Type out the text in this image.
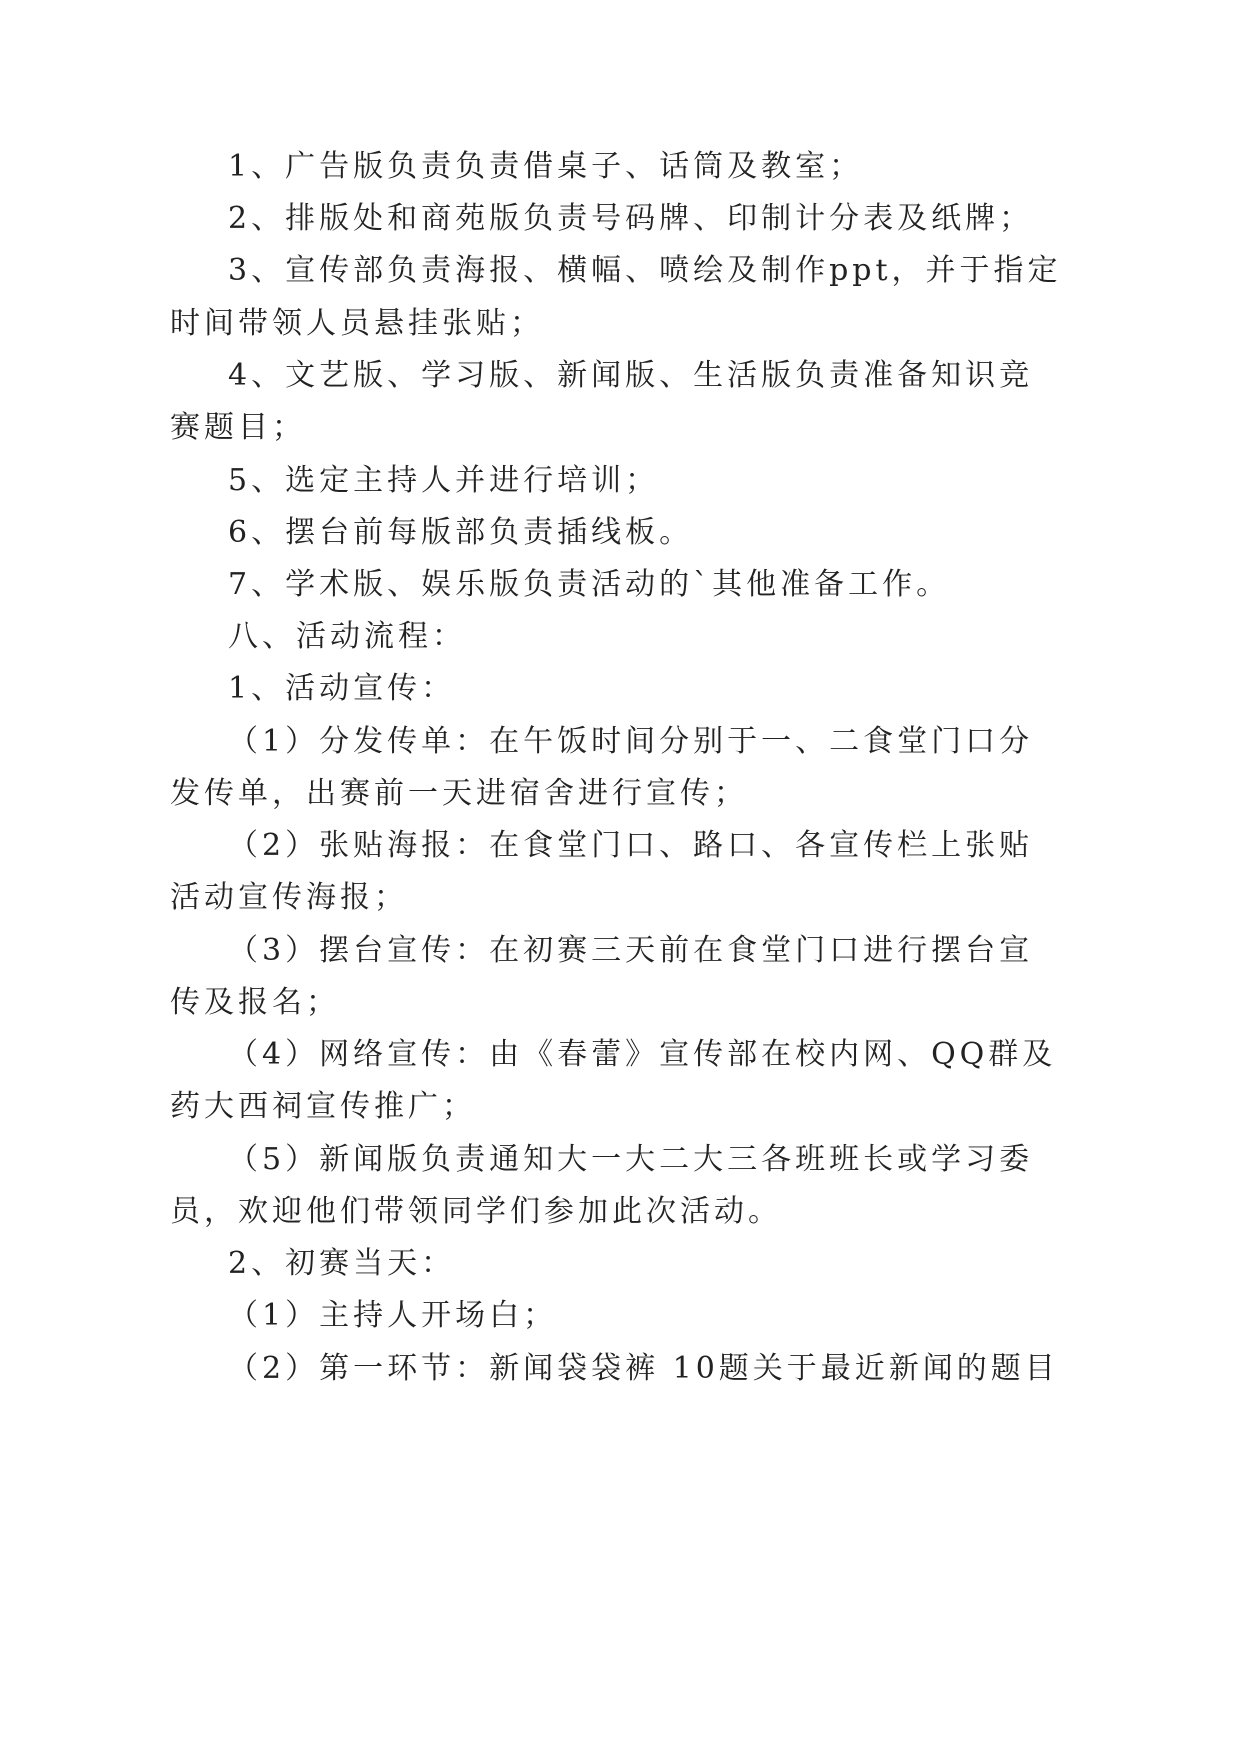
1、广告版负责负责借桌子、话筒及教室；
2、排版处和商苑版负责号码牌、印制计分表及纸牌；
3、宣传部负责海报、横幅、喷绘及制作ppt，并于指定
时间带领人员悬挂张贴；
4、文艺版、学习版、新闻版、生活版负责准备知识竞
赛题目；
5、选定主持人并进行培训；
6、摆台前每版部负责插线板。
7、学术版、娱乐版负责活动的`其他准备工作。
八、活动流程：
1、活动宣传：
（1）分发传单：在午饭时间分别于一、二食堂门口分
发传单，出赛前一天进宿舍进行宣传；
（2）张贴海报：在食堂门口、路口、各宣传栏上张贴
活动宣传海报；
（3）摆台宣传：在初赛三天前在食堂门口进行摆台宣
传及报名；
（4）网络宣传：由《春蕾》宣传部在校内网、QQ群及
药大西祠宣传推广；
（5）新闻版负责通知大一大二大三各班班长或学习委
员，欢迎他们带领同学们参加此次活动。
2、初赛当天：
（1）主持人开场白；
（2）第一环节：新闻袋袋裤 10题关于最近新闻的题目
